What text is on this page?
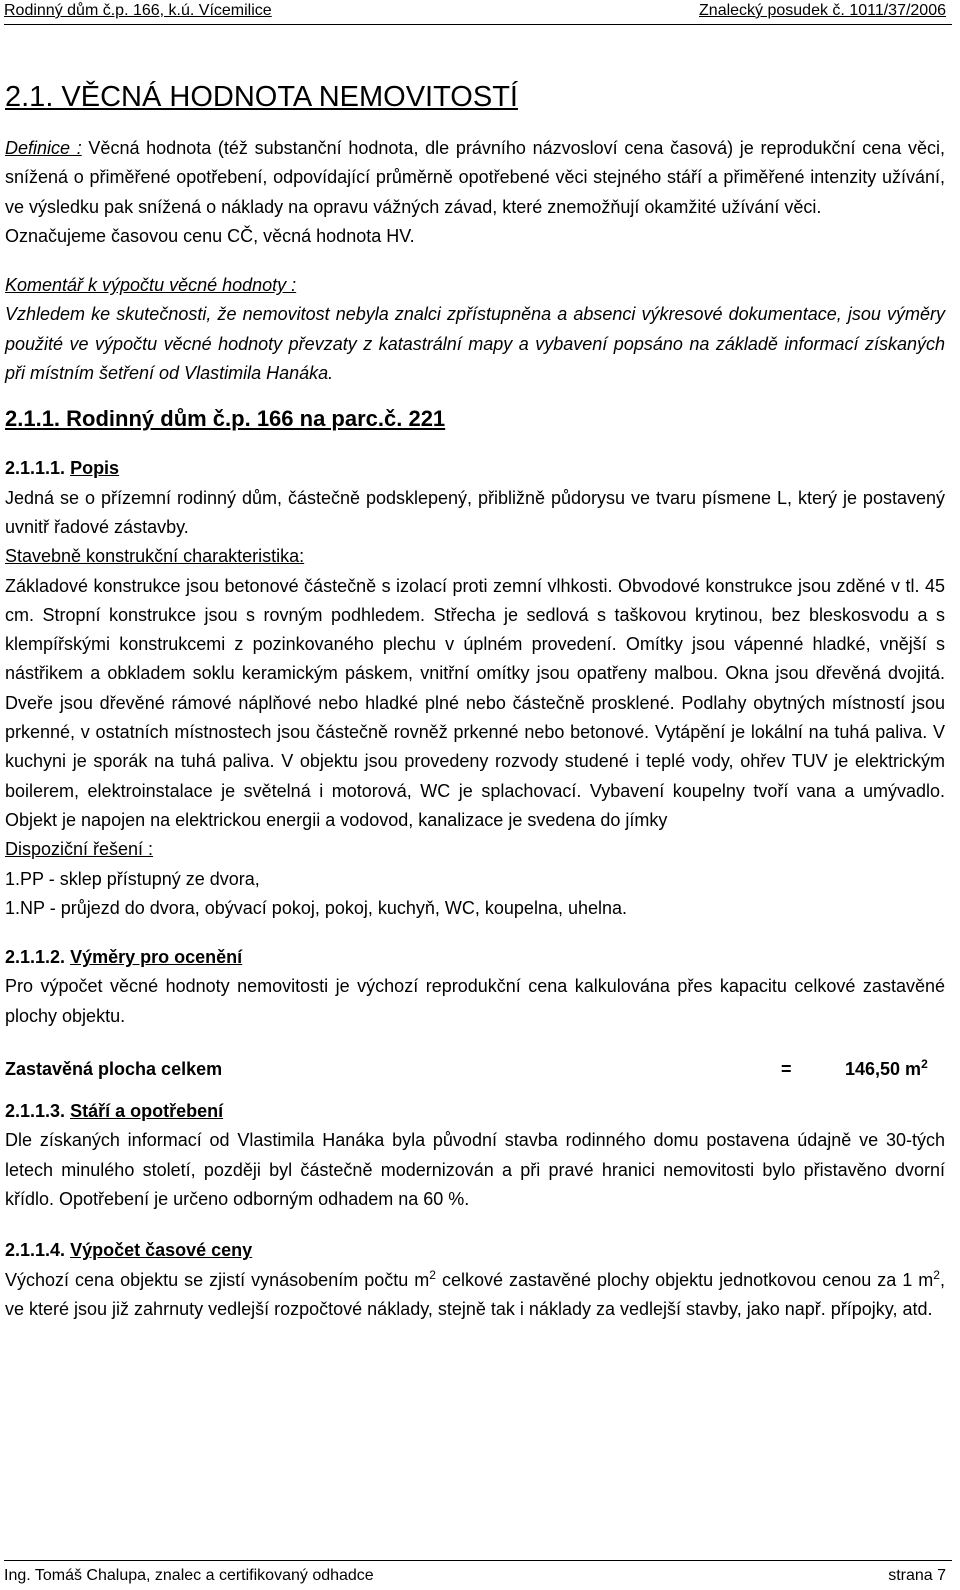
Rodinný dům č.p. 166, k.ú. Vícemilice	Znalecký posudek č. 1011/37/2006
2.1. VĚCNÁ HODNOTA NEMOVITOSTÍ

Definice : Věcná hodnota (též substanční hodnota, dle právního názvosloví cena časová) je reprodukční cena věci, snížená o přiměřené opotřebení, odpovídající průměrně opotřebené věci stejného stáří a přiměřené intenzity užívání, ve výsledku pak snížená o náklady na opravu vážných závad, které znemožňují okamžité užívání věci.

Označujeme časovou cenu CČ, věcná hodnota HV.

Komentář k výpočtu věcné hodnoty :

Vzhledem ke skutečnosti, že nemovitost nebyla znalci zpřístupněna a absenci výkresové dokumentace, jsou výměry použité ve výpočtu věcné hodnoty převzaty z katastrální mapy a vybavení popsáno na základě informací získaných při místním šetření od Vlastimila Hanáka.

2.1.1. Rodinný dům č.p. 166 na parc.č. 221

2.1.1.1. Popis

Jedná se o přízemní rodinný dům, částečně podsklepený, přibližně půdorysu ve tvaru písmene L, který je postavený uvnitř řadové zástavby.

Stavebně konstrukční charakteristika:

Základové konstrukce jsou betonové částečně s izolací proti zemní vlhkosti. Obvodové konstrukce jsou zděné v tl. 45 cm. Stropní konstrukce jsou s rovným podhledem. Střecha je sedlová s taškovou krytinou, bez bleskosvodu a s klempířskými konstrukcemi z pozinkovaného plechu v úplném provedení. Omítky jsou vápenné hladké, vnější s nástřikem a obkladem soklu keramickým páskem, vnitřní omítky jsou opatřeny malbou. Okna jsou dřevěná dvojitá. Dveře jsou dřevěné rámové náplňové nebo hladké plné nebo částečně prosklené. Podlahy obytných místností jsou prkenné, v ostatních místnostech jsou částečně rovněž prkenné nebo betonové. Vytápění je lokální na tuhá paliva. V kuchyni je sporák na tuhá paliva. V objektu jsou provedeny rozvody studené i teplé vody, ohřev TUV je elektrickým boilerem, elektroinstalace je světelná i motorová, WC je splachovací. Vybavení koupelny tvoří vana a umývadlo. Objekt je napojen na elektrickou energii a vodovod, kanalizace je svedena do jímky

Dispoziční řešení :

1.PP - sklep přístupný ze dvora,

1.NP - průjezd do dvora, obývací pokoj, pokoj, kuchyň, WC, koupelna, uhelna.

2.1.1.2. Výměry pro ocenění

Pro výpočet věcné hodnoty nemovitosti je výchozí reprodukční cena kalkulována přes kapacitu celkové zastavěné plochy objektu.

Zastavěná plocha celkem	=	146,50 $m^2$

2.1.1.3. Stáří a opotřebení

Dle získaných informací od Vlastimila Hanáka byla původní stavba rodinného domu postavena údajně ve 30-tých letech minulého století, později byl částečně modernizován a při pravé hranici nemovitosti bylo přistavěno dvorní křídlo. Opotřebení je určeno odborným odhadem na 60 %.

2.1.1.4. Výpočet časové ceny

Výchozí cena objektu se zjistí vynásobením počtu $m^2$ celkové zastavěné plochy objektu jednotkovou cenou za 1 $m^2$, ve které jsou již zahrnuty vedlejší rozpočtové náklady, stejně tak i náklady za vedlejší stavby, jako např. přípojky, atd.

Ing. Tomáš Chalupa, znalec a certifikovaný odhadce	strana 7
